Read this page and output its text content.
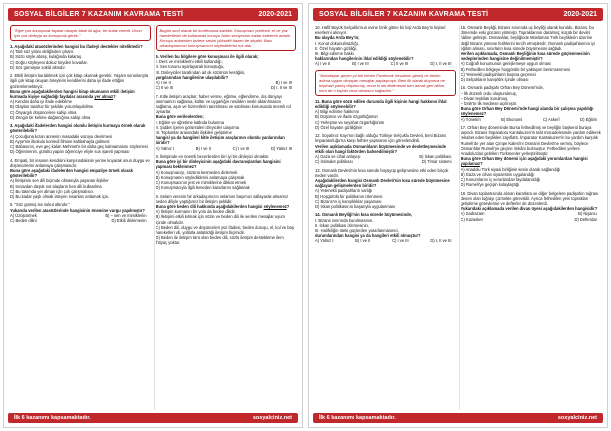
SOSYAL BİLGİLER 7 KAZANIM KAVRAMA TESTİ	2020-2021
"Eğer çok konuşmak faydalı olsaydı Allah iki ağız, bir kulak verirdi. Onun için çok dinleyip az konuşmak gerek."
1. Aşağıdaki atasözlerinden hangisi bu ifadeyi destekler niteliktedir?
A) Tatlı söz yılanı deliğinden çıkarır.
B) Sözü söyle abraş, kulağında kalaraş.
C) Doğru söyleyeni dokuz köyden kovarlar.
D) Söz gümüşse sükût altındır.
2. Etkili iletişim kurabilmek için çok kitap okumak gerekir. Yaşam sorunlarıyla ilgili çok kitap okuyan bireylerin kendilerini daha iyi ifade ettiğini gözlemlemekteyiz.
Buna göre aşağıdakilerden hangisi kitap okumanın etkili iletişim kurmada kişiye sağladığı faydalar arasında yer almaz?
A) Kendini daha iyi ifade edebilme
B) Olayları tarafsız bir şekilde yorumlayabilme
C) Önyargılı düşüncelere sahip olma
D) Zengin bir kelime dağarcığına sahip olma
3. Aşağıdaki ifadelerden hangisi olumlu iletişim kurmaya örnek olarak gösterilebilir?
A) Çocuğuna kızan annenin masadaki vazoyu devirmesi
B) Ayşe'nin ilkokulu komedi filmine kahkahayla gülmesi
C) Babasının, eve geç kalan Mehmet'e bir daha geç kalmamasını söylemesi
D) Öğretmenin, gürültü yapan öğrenciye eliyle sus işareti yapması
4. Empati, bir insanın kendisini karşısındakinin yerine koyarak onun duygu ve düşüncelerini anlamaya çalışmasıdır.
Buna göre aşağıdaki ifadelerden hangisi empatiye örnek olarak gösterilebilir?
A) İletişimin sen dili biçimde olmasıyla yaşanan ilişkiler
B) Sınavdan düşük not alaşların ben dili kullanılma
C) Bu takımda yer alman için çok çalışmalısın.
D) Bu kadar yaşlı olmak isteyen insanları anlamak için.
5. "Söz gümüş ise sukut altındır."
Yukarıda verilen atasözlerinde hangisinin önemine vurgu yapılmıştır?
A) Üzüşünmek	B) ‒ sen ve mimikleriin
C) Beden dilini	D) Etkili dinlemenin
Bugün sınıf olarak bir konferansa katıldık. Konuşmacı profesör, el ve yüz hareketlerini de kullanarak konuyu hatırı seviyesine kadar indirerek anlattı. Konuyu anlatırken bizlere sesini yükseltti bazen de alçalttı. Bazı arkadaşlarımızı konuşmacının söylediklerini not aldı.
6. Verilen bu bilgilere göre konuşmacı ile ilgili olarak;
I. Ders ve mimiklerini etkili kullandığı,
II. Ses tonunu ayarlayarak konuştuğu,
III. Dinleyiciler tarafından ait ok sözünün kestiğini,
yargılarından hangilerine ulaşılabilir?
A) I ve II	B) I ve III
C) II ve III	D) I, II ve III
7. Kitle iletişim araçları; haber verme, eğitme, eğlendirme, dış dünyayı tanımamızı sağlama, kültür ve uygarlığın nesilden nesle aktarılmasını sağlama, aşırı ve hizmetlerin tanıtılması ve satılması konusunda önemli rol oynarlar.
Buna göre verilenlerden;
I. Eğitim ve öğretime katkıda bulunma
II. Şiddet içeren görüntüleri izleyiciler ulaşırma
III. Toplumlar arasındaki ilişkileri geliştirme
hangisi ya da hangileri kitle iletişim araçlarının olumlu yanlarından biridir?
A) Yalnız I	B) I ve II	C) I ve III	D) Yalnız III
8. İletişimde en önemli becerilerden biri iyi bir dinleyici olmaktır.
Buna göre iyi bir dinleyicinin aşağıdaki davranışlardan hangisini yapması beklenmez?
A) Konuşmacıyı, sözünü kesmeden dinlemek
B) Konuşmanın söylediklerini anlamaya çalışmak
C) Konuşmacının jest ve mimiklerine dikkat etmek
D) Konuşmacıyla ilgili lemeden kararlarını sağlamak
9. Selam verenin bir arkadaşımızın selamını başımızı sallayarak almamız beden diliyle yaptığımız bir iletişim şeklidir.
Buna göre beden dili hakkında aşağıdakilerden hangisi söylenemez?
A) İletişim kurmanın bir yolu da beden dilidir.
B) İletişimi etkili kılmak için sözle ve beden dili ile verilen mesajlar uyum içinde olmalıdır.
C) Beden dili, duygu ve düşünceleri yüz ifadesi, beden duruşu, el, kol ve baş hareketleri vb. yollarla anlatıldığı iletişim biçimidir.
D) Beden ile iletişim türü olan beden dili, sözlü iletişim destekleme ilem ihtiyaç yoktur.
İlk 6 kazanımı kapsamaktadır.	sosyalciniz.net
SOSYAL BİLGİLER 7 KAZANIM KAVRAMA TESTİ	2020-2021
10. Hafif Büyük Selçuklu'nun evine İznik gitme bir kişi Arda Bey'in kişisel eserlerini alınıyor.
Bu olayda Arda Bey'in;
I. Konut dokunulmazlığı,
II. Özel hayatın gizliliği,
III. Bilgi edinme hakkı
haklarından hangilerinin ihlal edildiği söylenebilir?
A) I ve II	B) I ve III	C) II ve III	D) I, II ve III
"Arkadaşlar geçen yıl biri benim Facebook hesabımı girmiş ve benim adıma uygun olmayan mesajlar paylaşmıştı. Beni ilk olarak duyunca ne hepimizi yanlış düşünmüş, onun ki nin iletilmesini ben ancak geri aldım, hem de o kişinin ceza almasını sağladım."
11. Buna göre sözü edilen durumda ilgili kişinin hangi hakkının ihlal edildiği söylenebilir?
A) Bilgi edinme hakkının
B) Düşünce ve ifade özgürlüğünün
C) Yerleşme ve seyahat özgürlüğünün
D) Özel hayatın gizliliğinin
12. Soyalınız Kayı'nın bağlı olduğu Türkiye Selçuklu Devleti, beni Bizans İmparatorluğu'na karşı fethler yapmanın için görevlendirdi.
Verilen açıklamada Osmanlıların büyümesinde ve devletleşmesinde etkili olan hangi faktörden bahsedilmiştir?
A) Gaza ve cihat anlayışı	B) İskan politikası
C) İstimalet politikası	D) Timar sistemi
13. Osmanlı Devleti'nin kısa sürede büyüyüp gelişmesine etki eden birçok neden vardır.
Aşağıdakilerden hangisi Osmanlı Devleti'nin kısa sürede büyümesine sağlayan gelişmelerden biridir?
A) Yetenekli padişahların varlığı
B) Hoşgörülü bir politikanın izlenmesi
C) Bizans'ın iç karışıklıklar yaşaması
D) İskan politikasının başarıyla uygulanması
14. Osmanlı Beyliği'nin kısa sürede büyümesinde,
I. Bizans sınırında kurulmasının,
II. İskan politikası izlemesinin,
III. Halifeliğin öteki güçlerden yararlanmasının,
durumlarından hangisi ya da hangileri etkili olmuştur?
A) Yalnız I	B) I ve II	C) I ve III	D) I, II ve III
15. Osmanlı Beyliği, Bizans sınırında uç beyliği olarak kuruldu. Bizans, bu dönemde eski gücünü yitirmişti. Topraklarının daralmış; küçük bir devlet hâline gelmişti. Osmanlılar, beyliğinde Müslüman Türk beyliklerin üzerine değil Bizans yönüne fetihlerini tercih etmişlerdir. Osmanlı padişahlarının iyi eğitim alması, sınırların kısa sürede büyümesini sağladı.
Verilen açıklamada, Osmanlı Beyliğinin kısa sürede güçlenmesinin nedeplerinden hangisine değinilmemiştir?
A) Coğrafi konumunun genişlemeye uygun olması
B) Fethedilen bölgeye hoşgörülü bir yaklaşım benimsenmesi
C) Yetenekli padişahların başına geçmesi
D) Selçukların karışıklık içinde olması
16. Osmanlı padişahı Orhan Bey Dönemi'nde,
– İlk düzenli ordu oluşturulmuş,
– Divan teşkilatı kurulmuş,
– İznik'te ilk medrese açılmıştır.
Buna göre Orhan Bey Dönemi'nde hangi alanda bir çalışma yapıldığı söylenemez?
A) Yönetim	B) Ekonomi	C) Askerî	D) Eğitim
17. Orhan Bey döneminde Bursa fethedilmiş ve beyliğin başkenti buraya taşındı. Bizans İmparatoru Kantakuzen'in taht mücadelesinde yardım edilerek rekabet eden beylikleri zayıflattı. İmparator Kantakuzen'in bu yardım karşılık Rumeli'de yer alan Çimpe Kalesi'ni Osmanlı Devleti'ne vermiş, böylece Osmanlılar Rumeli'ye geçme imkânı bulmuştur. Fethedilen yerlere Anadolu'dan getirilen Türkmenler yerleştirilmiştir.
Buna göre Orhan Bey dönemi için aşağıdaki yorumlardan hangisi yapılamaz?
A) Anadolu Türk siyasi birliğinin kesin olarak sağlandığı
B) Gaza ve cihan siyasetinin uygulandığı
C) Konumlarını iç sorunlardan faydalanıldığı
D) Rumeli'ye geçişin kolaylaştığı
18. Divan toplantısında alınan kararlara ve diğer belgelere padişahın tuğrası denen olan tuğrayı çizmekle görevlidir. Ayrıca fethedilen yeni toprakları geliştirme görevlerine ve defterler de düzenlerdi.
Yukarıdaki açıklamada verilen divan üyesi aşağıdakilerden hangisidir?
A) Sadrazam	B) Nişancı
C) Kazasker	D) Defterdar
İlk 6 kazanımı kapsamaktadır.	sosyalciniz.net
